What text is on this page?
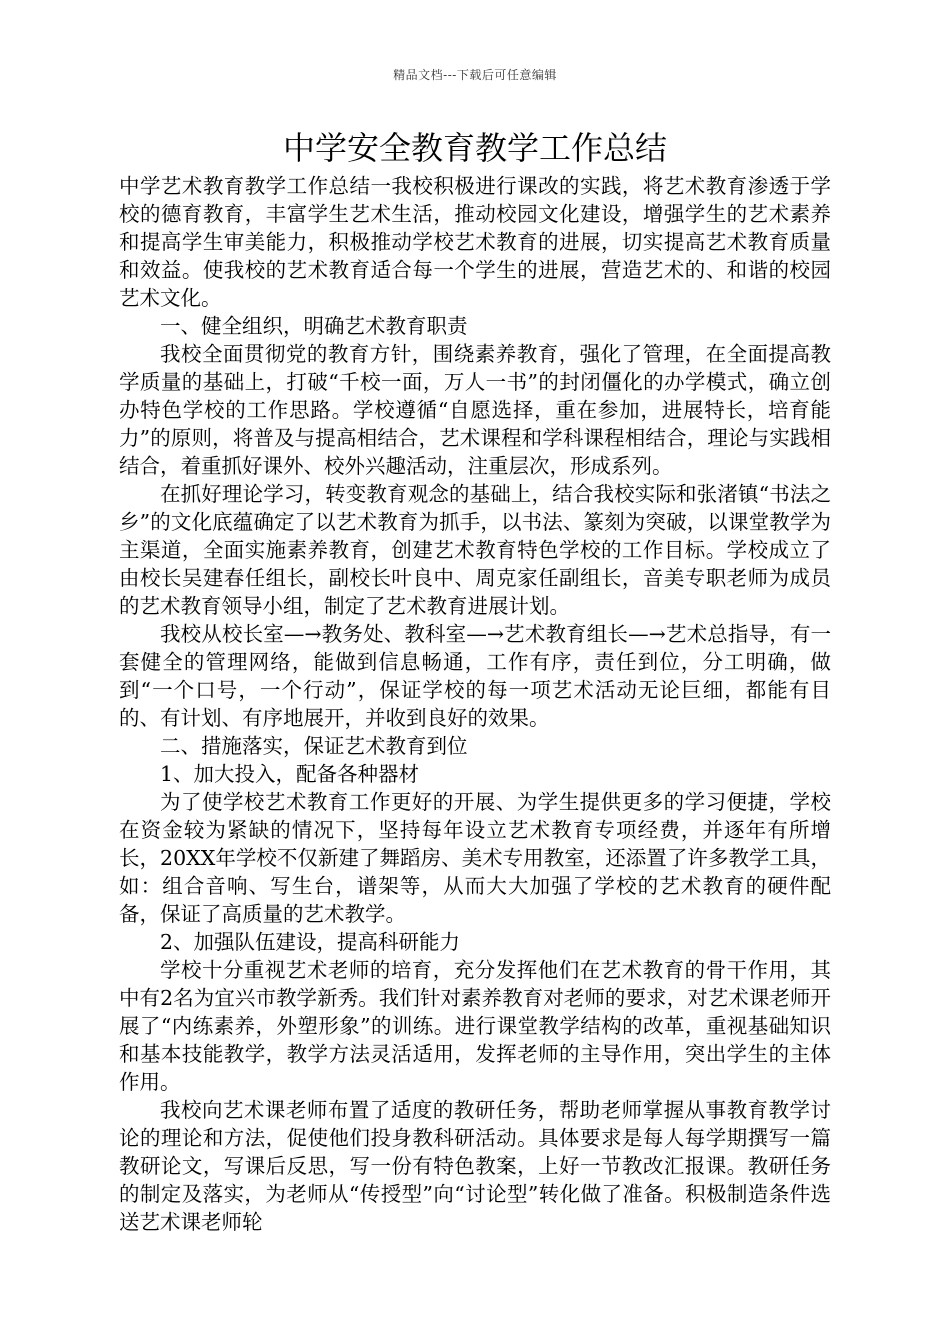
精品文档---下载后可任意编辑
中学安全教育教学工作总结

中学艺术教育教学工作总结一我校积极进行课改的实践，将艺术教育渗透于学校的德育教育，丰富学生艺术生活，推动校园文化建设，增强学生的艺术素养和提高学生审美能力，积极推动学校艺术教育的进展，切实提高艺术教育质量和效益。使我校的艺术教育适合每一个学生的进展，营造艺术的、和谐的校园艺术文化。

一、健全组织，明确艺术教育职责

我校全面贯彻党的教育方针，围绕素养教育，强化了管理，在全面提高教学质量的基础上，打破“千校一面，万人一书”的封闭僵化的办学模式，确立创办特色学校的工作思路。学校遵循“自愿选择，重在参加，进展特长，培育能力”的原则，将普及与提高相结合，艺术课程和学科课程相结合，理论与实践相结合，着重抓好课外、校外兴趣活动，注重层次，形成系列。

在抓好理论学习，转变教育观念的基础上，结合我校实际和张渚镇“书法之乡”的文化底蕴确定了以艺术教育为抓手，以书法、篆刻为突破，以课堂教学为主渠道，全面实施素养教育，创建艺术教育特色学校的工作目标。学校成立了由校长吴建春任组长，副校长叶良中、周克家任副组长，音美专职老师为成员的艺术教育领导小组，制定了艺术教育进展计划。

我校从校长室—→教务处、教科室—→艺术教育组长—→艺术总指导，有一套健全的管理网络，能做到信息畅通，工作有序，责任到位，分工明确，做到“一个口号，一个行动”，保证学校的每一项艺术活动无论巨细，都能有目的、有计划、有序地展开，并收到良好的效果。

二、措施落实，保证艺术教育到位

1、加大投入，配备各种器材

为了使学校艺术教育工作更好的开展、为学生提供更多的学习便捷，学校在资金较为紧缺的情况下，坚持每年设立艺术教育专项经费，并逐年有所增长，20XX年学校不仅新建了舞蹈房、美术专用教室，还添置了许多教学工具，如：组合音响、写生台，谱架等，从而大大加强了学校的艺术教育的硬件配备，保证了高质量的艺术教学。

2、加强队伍建设，提高科研能力

学校十分重视艺术老师的培育，充分发挥他们在艺术教育的骨干作用，其中有2名为宜兴市教学新秀。我们针对素养教育对老师的要求，对艺术课老师开展了“内练素养，外塑形象”的训练。进行课堂教学结构的改革，重视基础知识和基本技能教学，教学方法灵活适用，发挥老师的主导作用，突出学生的主体作用。

我校向艺术课老师布置了适度的教研任务，帮助老师掌握从事教育教学讨论的理论和方法，促使他们投身教科研活动。具体要求是每人每学期撰写一篇教研论文，写课后反思，写一份有特色教案，上好一节教改汇报课。教研任务的制定及落实，为老师从“传授型”向“讨论型”转化做了准备。积极制造条件选送艺术课老师轮
